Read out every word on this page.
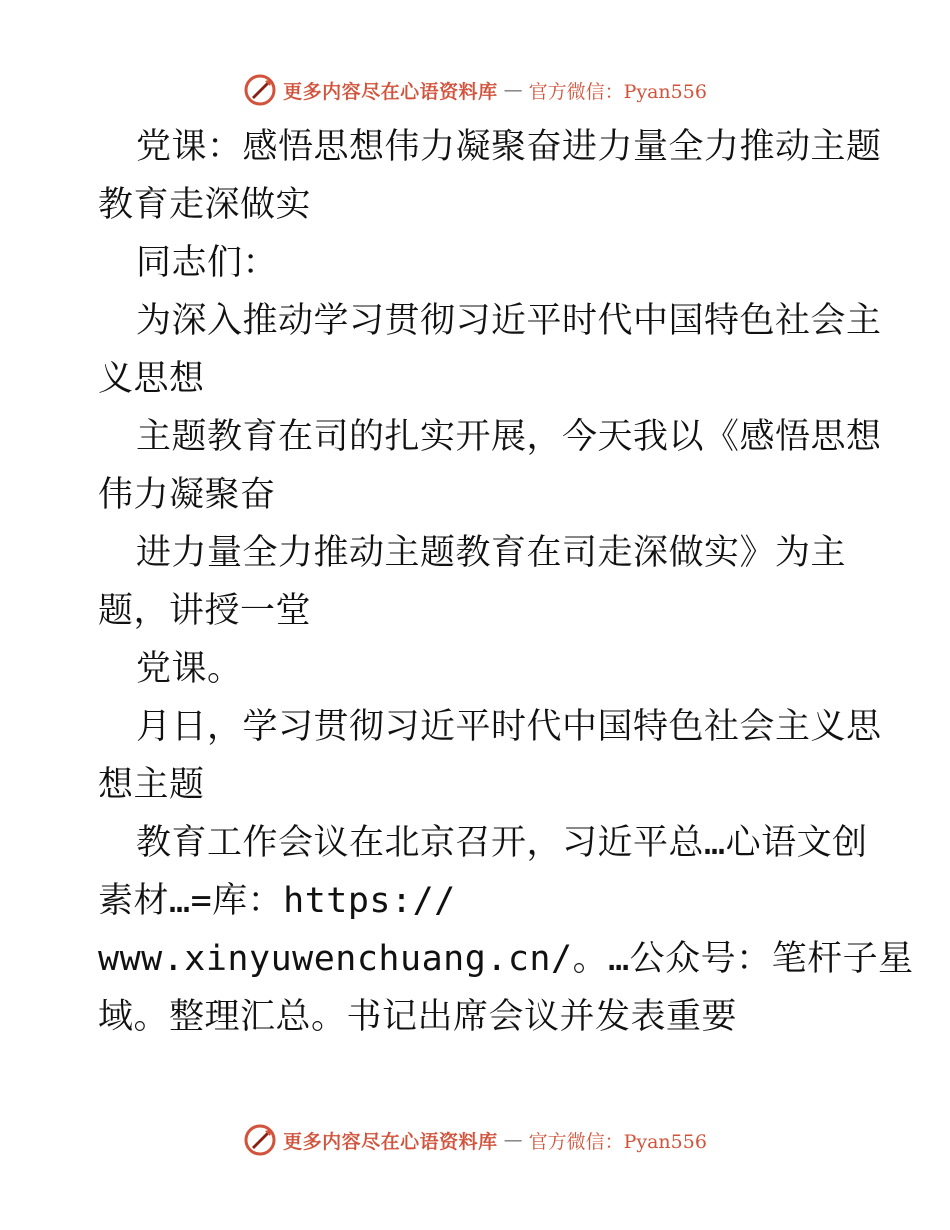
更多内容尽在心语资料库 — 官方微信：Pyan556
党课：感悟思想伟力凝聚奋进力量全力推动主题
教育走深做实
同志们：
为深入推动学习贯彻习近平时代中国特色社会主
义思想
主题教育在司的扎实开展，今天我以《感悟思想
伟力凝聚奋
进力量全力推动主题教育在司走深做实》为主
题，讲授一堂
党课。
月日，学习贯彻习近平时代中国特色社会主义思
想主题
教育工作会议在北京召开，习近平总…心语文创
素材…=库：https://
www.xinyuwenchuang.cn/。…公众号：笔杆子星
域。整理汇总。书记出席会议并发表重要
更多内容尽在心语资料库 — 官方微信：Pyan556
